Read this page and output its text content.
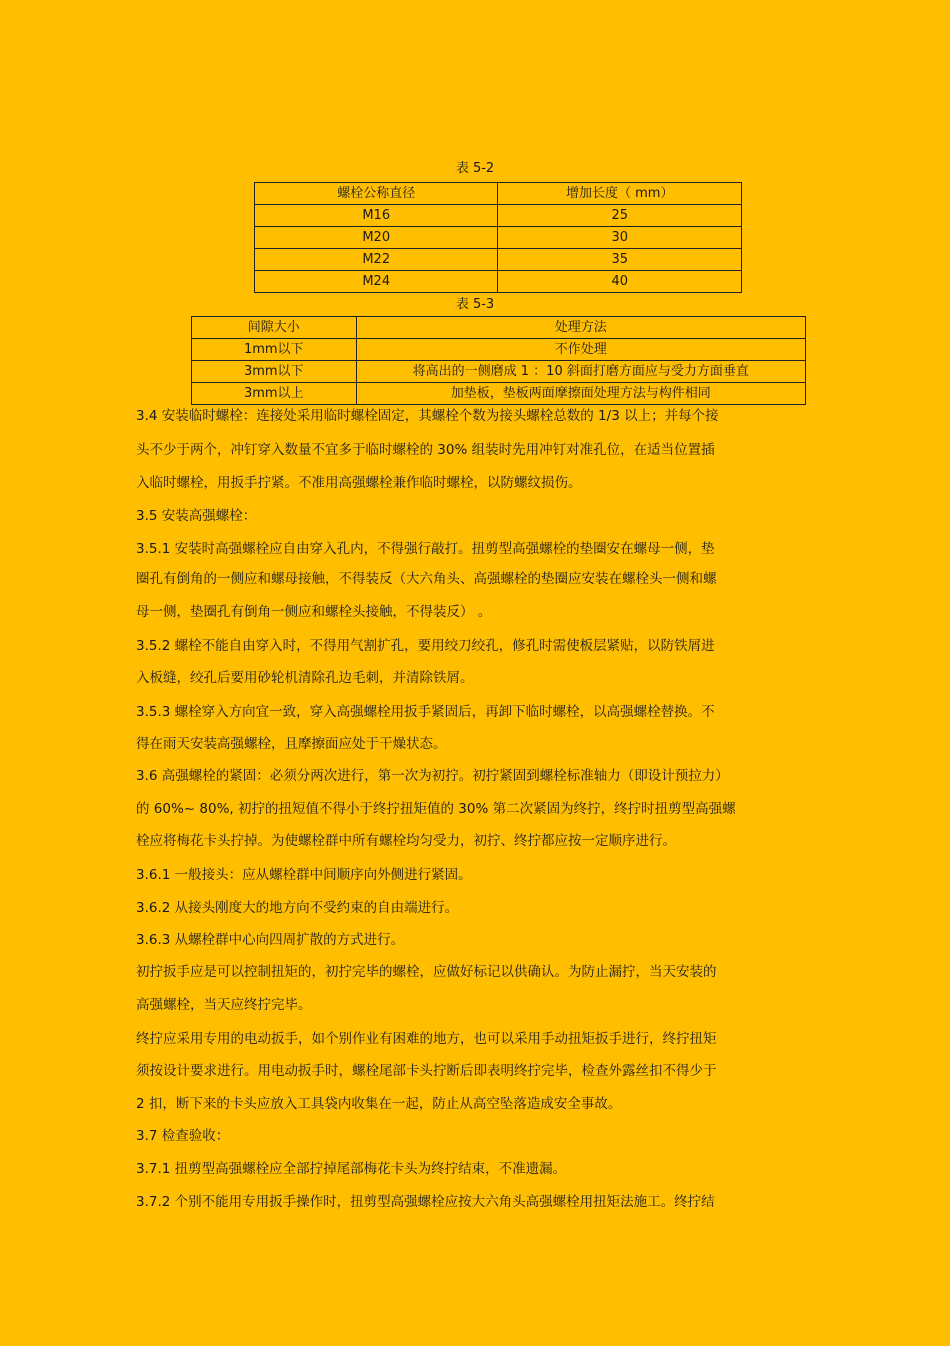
表 5-2
螺栓公称直径	增加长度（ mm）
M16	25
M20	30
M22	35
M24	40
表 5-3
间隙大小	处理方法
1mm以下	不作处理
3mm以下	将高出的一侧磨成 1 ：10 斜面打磨方面应与受力方面垂直
3mm以上	加垫板，垫板两面摩擦面处理方法与构件相同
3.4 安装临时螺栓：连接处采用临时螺栓固定，其螺栓个数为接头螺栓总数的 1/3 以上；并每个接
头不少于两个，冲钉穿入数量不宜多于临时螺栓的 30% 组装时先用冲钉对准孔位，在适当位置插
入临时螺栓，用扳手拧紧。不准用高强螺栓兼作临时螺栓，以防螺纹损伤。
3.5 安装高强螺栓：
3.5.1 安装时高强螺栓应自由穿入孔内，不得强行敲打。扭剪型高强螺栓的垫圈安在螺母一侧，垫
圈孔有倒角的一侧应和螺母接触，不得装反（大六角头、高强螺栓的垫圈应安装在螺栓头一侧和螺
母一侧，垫圈孔有倒角一侧应和螺栓头接触，不得装反） 。
3.5.2 螺栓不能自由穿入时，不得用气割扩孔，要用绞刀绞孔，修孔时需使板层紧贴，以防铁屑进
入板缝，绞孔后要用砂轮机清除孔边毛刺，并清除铁屑。
3.5.3 螺栓穿入方向宜一致，穿入高强螺栓用扳手紧固后，再卸下临时螺栓，以高强螺栓替换。不
得在雨天安装高强螺栓，且摩擦面应处于干燥状态。
3.6 高强螺栓的紧固：必须分两次进行，第一次为初拧。初拧紧固到螺栓标准轴力（即设计预拉力）
的 60%~ 80%, 初拧的扭短值不得小于终拧扭矩值的 30% 第二次紧固为终拧，终拧时扭剪型高强螺
栓应将梅花卡头拧掉。为使螺栓群中所有螺栓均匀受力，初拧、终拧都应按一定顺序进行。
3.6.1 一般接头：应从螺栓群中间顺序向外侧进行紧固。
3.6.2 从接头刚度大的地方向不受约束的自由端进行。
3.6.3 从螺栓群中心向四周扩散的方式进行。
初拧扳手应是可以控制扭矩的，初拧完毕的螺栓，应做好标记以供确认。为防止漏拧，当天安装的
高强螺栓，当天应终拧完毕。
终拧应采用专用的电动扳手，如个别作业有困难的地方，也可以采用手动扭矩扳手进行，终拧扭矩
须按设计要求进行。用电动扳手时，螺栓尾部卡头拧断后即表明终拧完毕，检查外露丝扣不得少于
2 扣，断下来的卡头应放入工具袋内收集在一起，防止从高空坠落造成安全事故。
3.7 检查验收：
3.7.1 扭剪型高强螺栓应全部拧掉尾部梅花卡头为终拧结束，不准遗漏。
3.7.2 个别不能用专用扳手操作时，扭剪型高强螺栓应按大六角头高强螺栓用扭矩法施工。终拧结
